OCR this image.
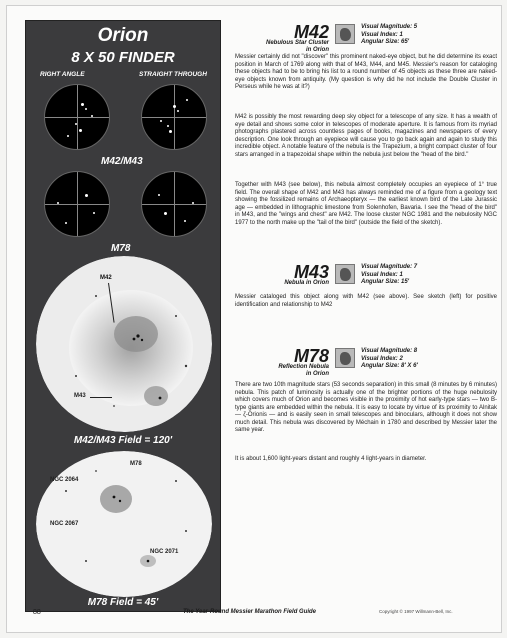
Orion
8 X 50 FINDER
RIGHT ANGLE	STRAIGHT THROUGH
M42/M43
M78
M42
M43
M42/M43 Field = 120'
M78
NGC 2064
NGC 2067
NGC 2071
M78 Field = 45'
M42
Nebulous Star Cluster
in Orion
Visual Magnitude: 5
Visual Index: 1
Angular Size: 65'
Messier certainly did not "discover" this prominent naked-eye object, but he did determine its exact position in March of 1769 along with that of M43, M44, and M45. Messier's reason for cataloging these objects had to be to bring his list to a round number of 45 objects as these three are naked-eye objects known from antiquity. (My question is why did he not include the Double Cluster in Perseus while he was at it?)
M42 is possibly the most rewarding deep sky object for a telescope of any size. It has a wealth of eye detail and shows some color in telescopes of moderate aperture. It is famous from its myriad photographs plastered across countless pages of books, magazines and newspapers of every description. One look through an eyepiece will cause you to go back again and again to study this incredible object. A notable feature of the nebula is the Trapezium, a bright compact cluster of four stars arranged in a trapezoidal shape within the nebula just below the "head of the bird."
Together with M43 (see below), this nebula almost completely occupies an eyepiece of 1° true field. The overall shape of M42 and M43 has always reminded me of a figure from a geology text showing the fossilized remains of Archaeopteryx — the earliest known bird of the Late Jurassic age — embedded in lithographic limestone from Solenhofen, Bavaria. I see the "head of the bird" in M43, and the "wings and chest" are M42. The loose cluster NGC 1981 and the nebulosity NGC 1977 to the north make up the "tail of the bird" (outside the field of the sketch).
M43
Nebula in Orion
Visual Magnitude: 7
Visual Index: 1
Angular Size: 15'
Messier cataloged this object along with M42 (see above). See sketch (left) for positive identification and relationship to M42
M78
Reflection Nebula
in Orion
Visual Magnitude: 8
Visual Index: 2
Angular Size: 8' X 6'
There are two 10th magnitude stars (53 seconds separation) in this small (8 minutes by 6 minutes) nebula. This patch of luminosity is actually one of the brighter portions of the huge nebulosity which covers much of Orion and becomes visible in the proximity of hot early-type stars — two B-type giants are embedded within the nebula. It is easy to locate by virtue of its proximity to Alnitak — ζ-Orionis — and is easily seen in small telescopes and binoculars, although it does not show much detail. This nebula was discovered by Méchain in 1780 and described by Messier later the same year.
It is about 1,600 light-years distant and roughly 4 light-years in diameter.
88	The Year-Round Messier Marathon Field Guide	Copyright © 1997 Willmann-Bell, Inc.
